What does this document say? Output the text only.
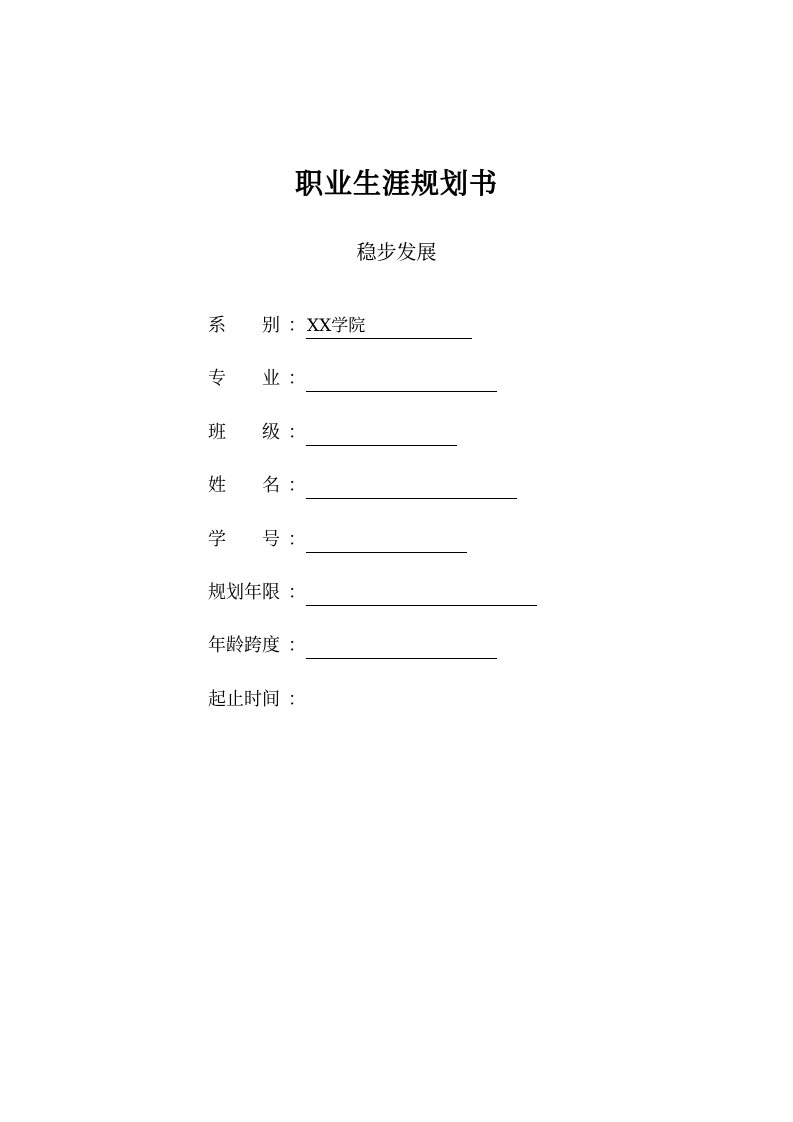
职业生涯规划书
稳步发展
系　　别 ： XX学院
专　　业 ：
班　　级 ：
姓　　名 ：
学　　号 ：
规划年限 ：
年龄跨度 ：
起止时间 ：
